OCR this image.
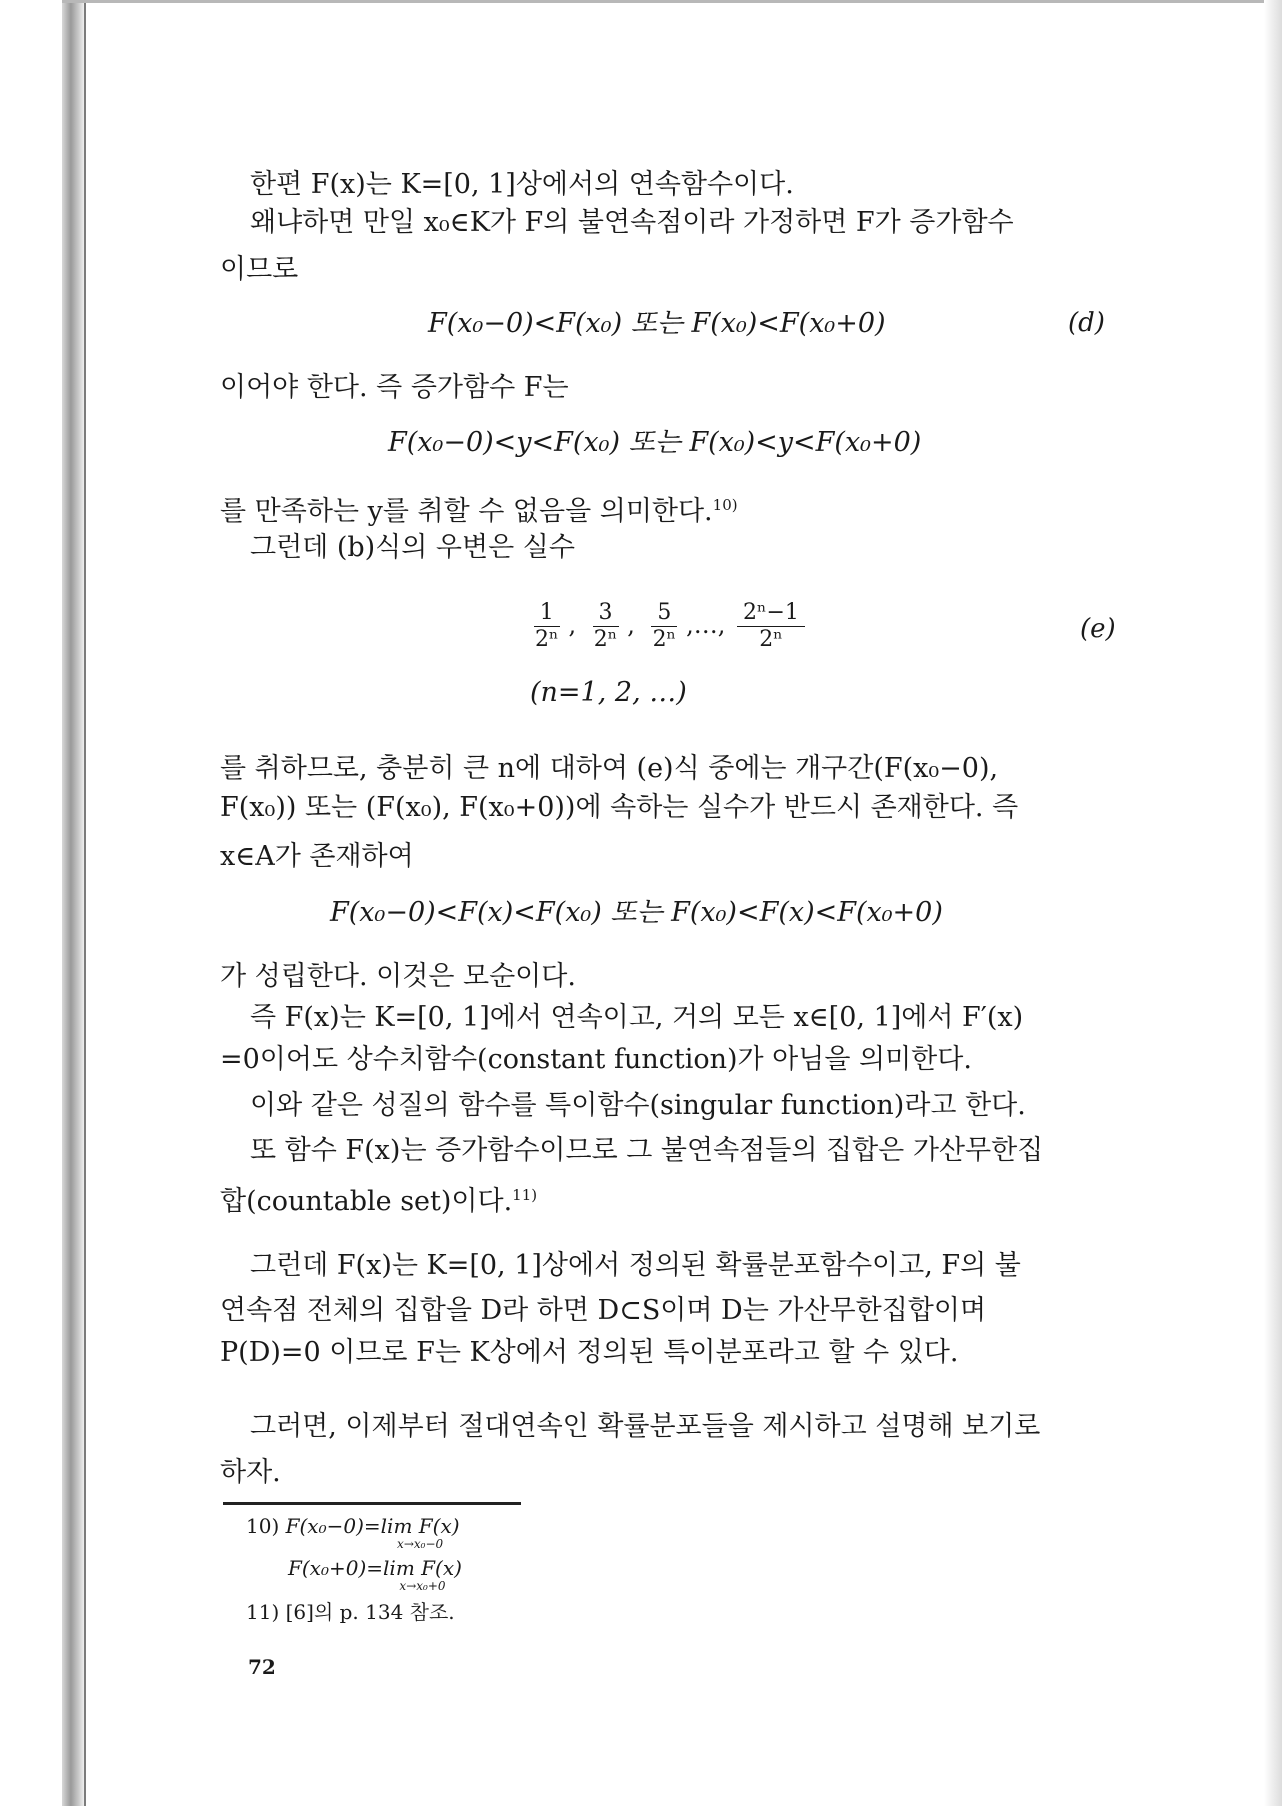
한편 F(x)는 K=[0, 1]상에서의 연속함수이다.
왜냐하면 만일 x₀∈K가 F의 불연속점이라 가정하면 F가 증가함수
이므로
F(x₀−0)<F(x₀) 또는 F(x₀)<F(x₀+0)	(d)
이어야 한다. 즉 증가함수 F는
F(x₀−0)<y<F(x₀) 또는 F(x₀)<y<F(x₀+0)
를 만족하는 y를 취할 수 없음을 의미한다.$^{10)}$
그런데 (b)식의 우변은 실수
$\frac{1}{\text{2ⁿ}}$ , $\frac{3}{\text{2ⁿ}}$ , $\frac{5}{\text{2ⁿ}}$ ,…, $\frac{\text{2ⁿ−1}}{\text{2ⁿ}}$	(e)
(n=1, 2, …)
를 취하므로, 충분히 큰 n에 대하여 (e)식 중에는 개구간(F(x₀−0),
F(x₀)) 또는 (F(x₀), F(x₀+0))에 속하는 실수가 반드시 존재한다. 즉
x∈A가 존재하여
F(x₀−0)<F(x)<F(x₀) 또는 F(x₀)<F(x)<F(x₀+0)
가 성립한다. 이것은 모순이다.
즉 F(x)는 K=[0, 1]에서 연속이고, 거의 모든 x∈[0, 1]에서 F′(x)
=0이어도 상수치함수(constant function)가 아님을 의미한다.
이와 같은 성질의 함수를 특이함수(singular function)라고 한다.
또 함수 F(x)는 증가함수이므로 그 불연속점들의 집합은 가산무한집
합(countable set)이다.$^{11)}$
그런데 F(x)는 K=[0, 1]상에서 정의된 확률분포함수이고, F의 불
연속점 전체의 집합을 D라 하면 D⊂S이며 D는 가산무한집합이며
P(D)=0 이므로 F는 K상에서 정의된 특이분포라고 할 수 있다.
그러면, 이제부터 절대연속인 확률분포들을 제시하고 설명해 보기로
하자.
10) F(x₀−0)= lim F(x)
x→x₀−0
F(x₀+0)= lim F(x)
x→x₀+0
11) [6]의 p. 134 참조.
72
